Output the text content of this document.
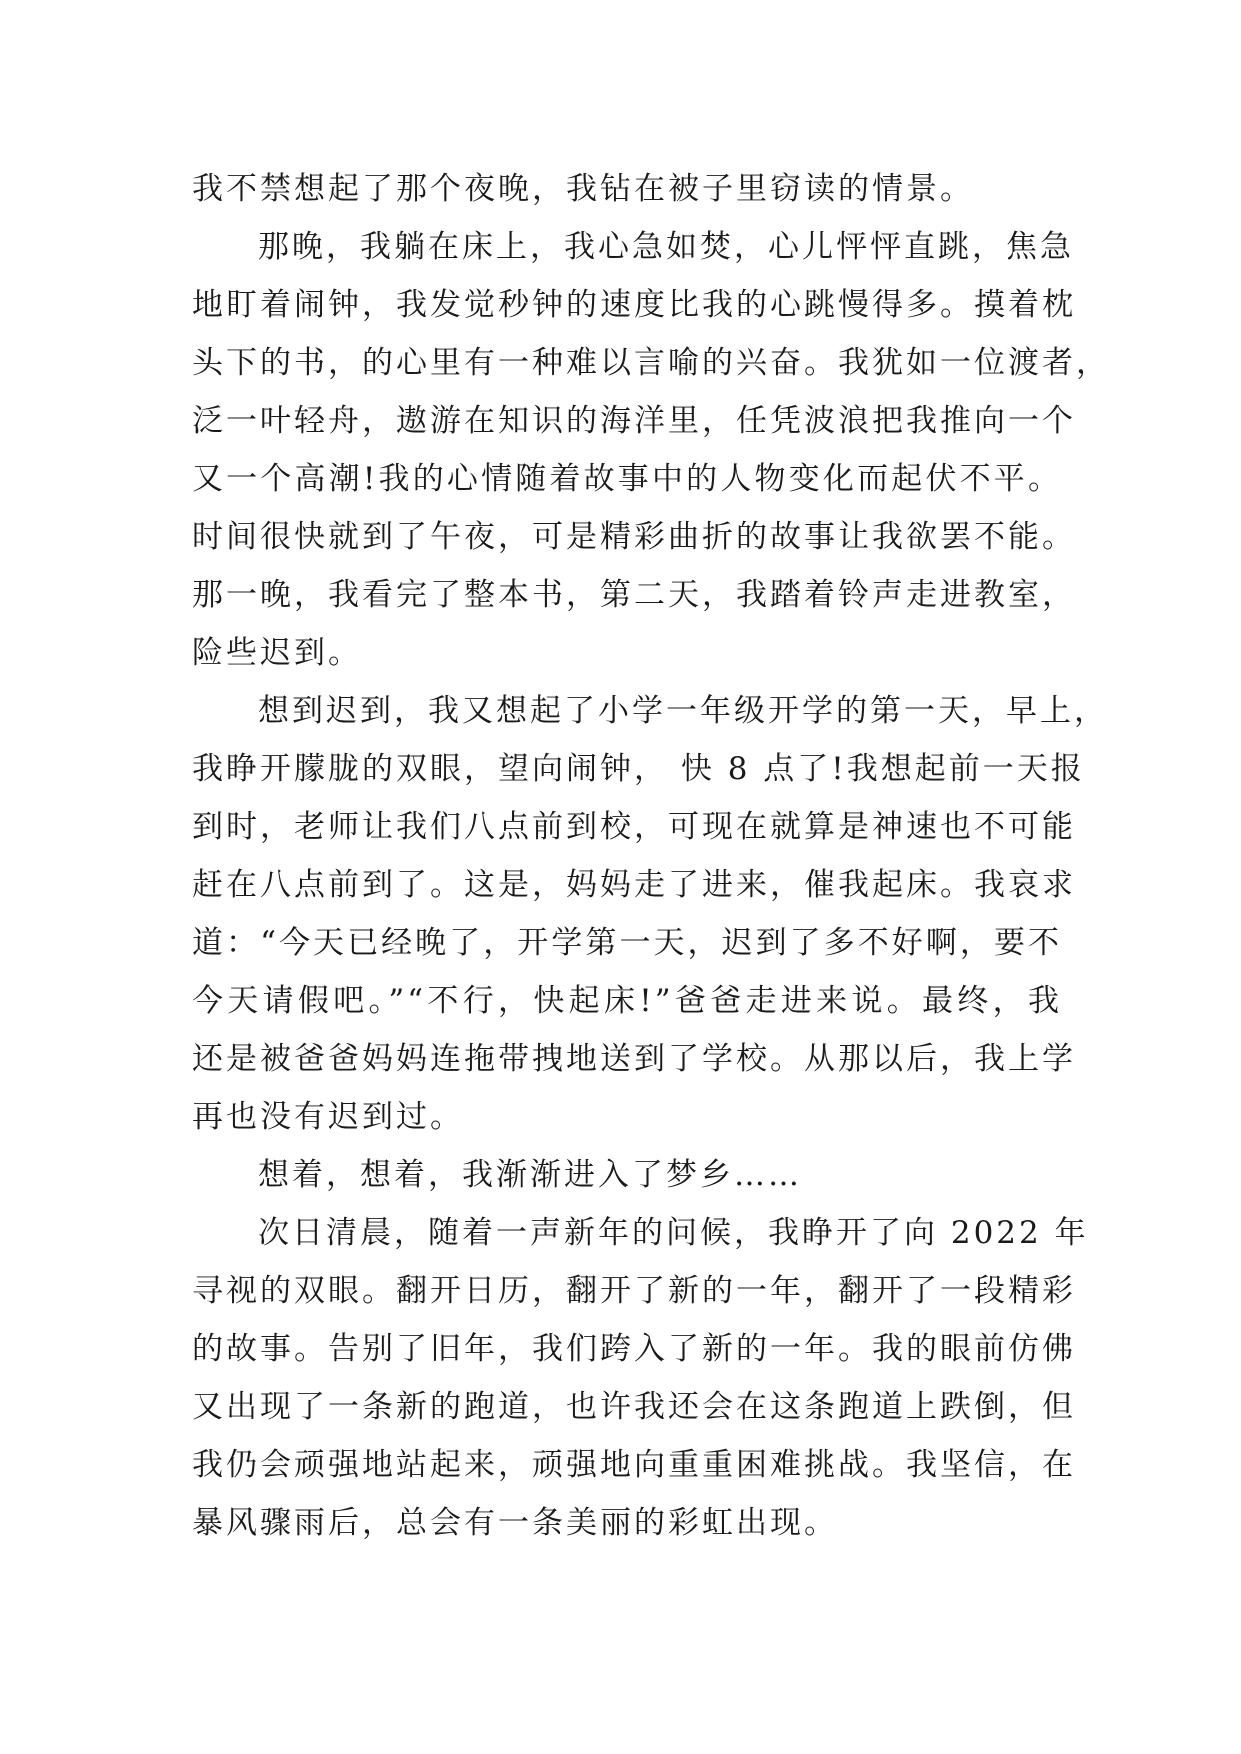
我不禁想起了那个夜晚，我钻在被子里窃读的情景。
那晚，我躺在床上，我心急如焚，心儿怦怦直跳，焦急
地盯着闹钟，我发觉秒钟的速度比我的心跳慢得多。摸着枕
头下的书，的心里有一种难以言喻的兴奋。我犹如一位渡者，
泛一叶轻舟，遨游在知识的海洋里，任凭波浪把我推向一个
又一个高潮!我的心情随着故事中的人物变化而起伏不平。
时间很快就到了午夜，可是精彩曲折的故事让我欲罢不能。
那一晚，我看完了整本书，第二天，我踏着铃声走进教室，
险些迟到。
想到迟到，我又想起了小学一年级开学的第一天，早上，
我睁开朦胧的双眼，望向闹钟， 快 8 点了!我想起前一天报
到时，老师让我们八点前到校，可现在就算是神速也不可能
赶在八点前到了。这是，妈妈走了进来，催我起床。我哀求
道：“今天已经晚了，开学第一天，迟到了多不好啊，要不
今天请假吧。”“不行，快起床!”爸爸走进来说。最终，我
还是被爸爸妈妈连拖带拽地送到了学校。从那以后，我上学
再也没有迟到过。
想着，想着，我渐渐进入了梦乡……
次日清晨，随着一声新年的问候，我睁开了向 2022 年
寻视的双眼。翻开日历，翻开了新的一年，翻开了一段精彩
的故事。告别了旧年，我们跨入了新的一年。我的眼前仿佛
又出现了一条新的跑道，也许我还会在这条跑道上跌倒，但
我仍会顽强地站起来，顽强地向重重困难挑战。我坚信，在
暴风骤雨后，总会有一条美丽的彩虹出现。
